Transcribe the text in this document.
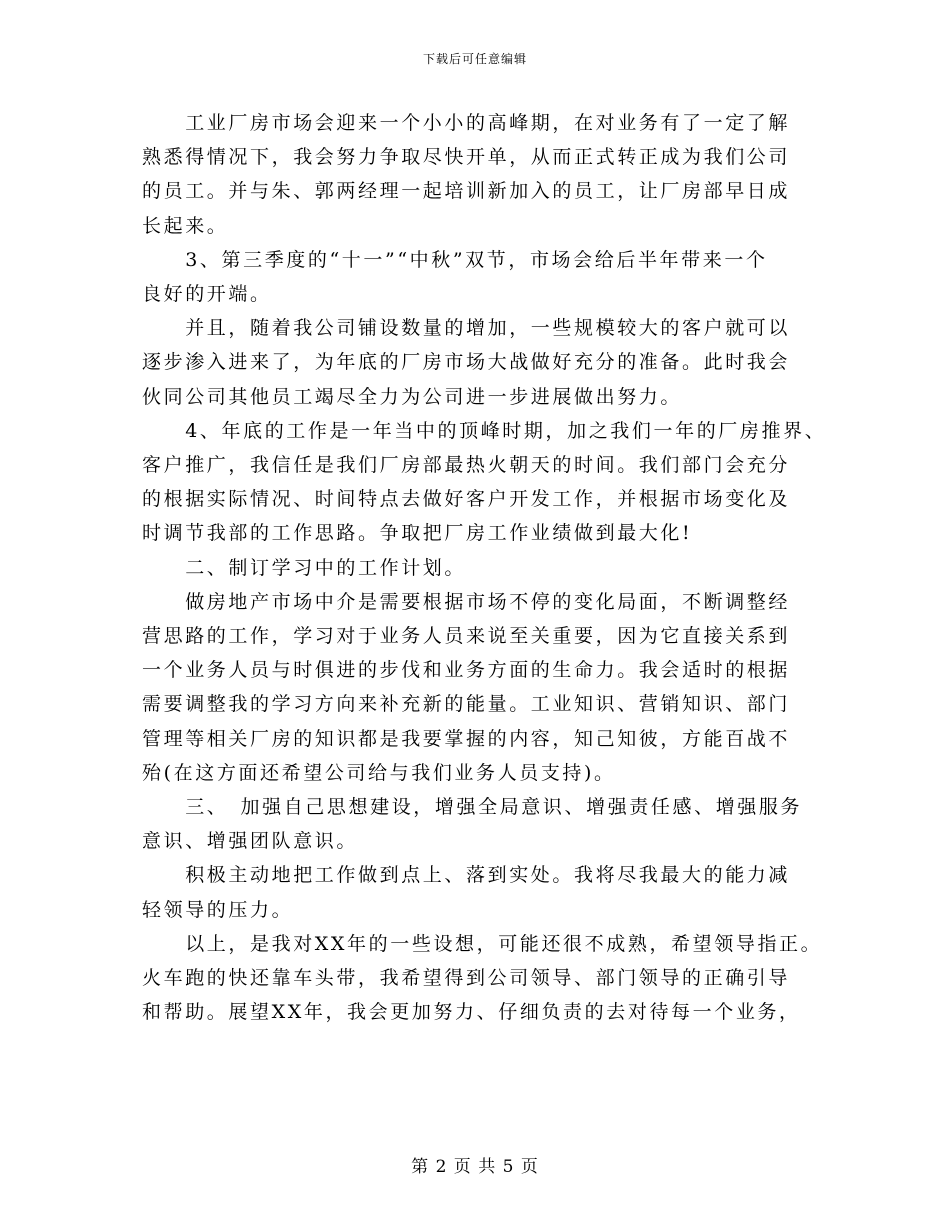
下载后可任意编辑

　　工业厂房市场会迎来一个小小的高峰期，在对业务有了一定了解
熟悉得情况下，我会努力争取尽快开单，从而正式转正成为我们公司
的员工。并与朱、郭两经理一起培训新加入的员工，让厂房部早日成
长起来。

　　3、第三季度的“十一”“中秋”双节，市场会给后半年带来一个
良好的开端。

　　并且，随着我公司铺设数量的增加，一些规模较大的客户就可以
逐步渗入进来了，为年底的厂房市场大战做好充分的准备。此时我会
伙同公司其他员工竭尽全力为公司进一步进展做出努力。

　　4、年底的工作是一年当中的顶峰时期，加之我们一年的厂房推界、
客户推广，我信任是我们厂房部最热火朝天的时间。我们部门会充分
的根据实际情况、时间特点去做好客户开发工作，并根据市场变化及
时调节我部的工作思路。争取把厂房工作业绩做到最大化!

　　二、制订学习中的工作计划。

　　做房地产市场中介是需要根据市场不停的变化局面，不断调整经
营思路的工作，学习对于业务人员来说至关重要，因为它直接关系到
一个业务人员与时俱进的步伐和业务方面的生命力。我会适时的根据
需要调整我的学习方向来补充新的能量。工业知识、营销知识、部门
管理等相关厂房的知识都是我要掌握的内容，知己知彼，方能百战不
殆(在这方面还希望公司给与我们业务人员支持)。

　　三、　加强自己思想建设，增强全局意识、增强责任感、增强服务
意识、增强团队意识。

　　积极主动地把工作做到点上、落到实处。我将尽我最大的能力减
轻领导的压力。

　　以上，是我对XX年的一些设想，可能还很不成熟，希望领导指正。
火车跑的快还靠车头带，我希望得到公司领导、部门领导的正确引导
和帮助。展望XX年，我会更加努力、仔细负责的去对待每一个业务，

第 2 页 共 5 页
